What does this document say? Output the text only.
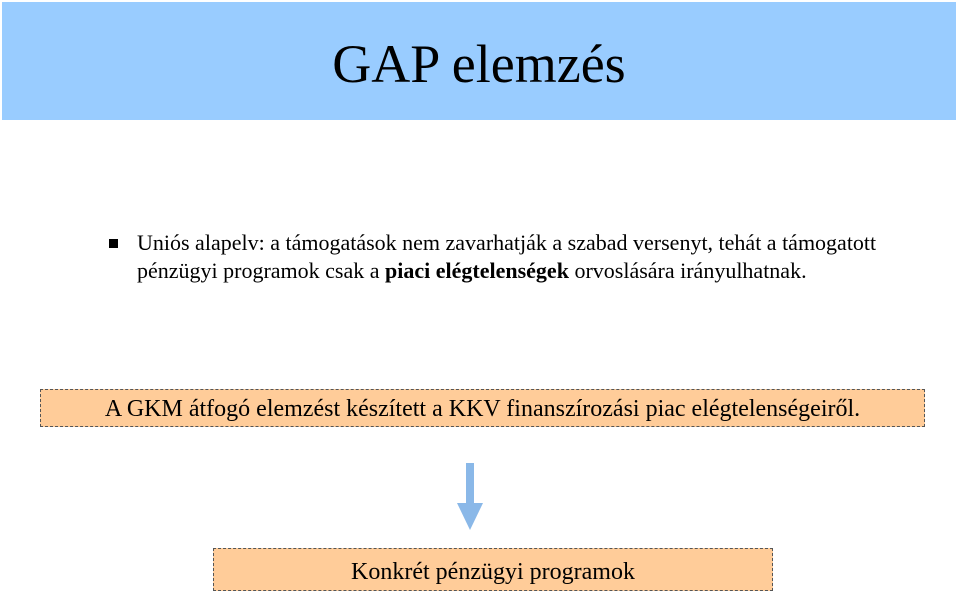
GAP elemzés
Uniós alapelv: a támogatások nem zavarhatják a szabad versenyt, tehát a támogatott pénzügyi programok csak a piaci elégtelenségek orvoslására irányulhatnak.
A GKM átfogó elemzést készített a KKV finanszírozási piac elégtelenségeiről.
Konkrét pénzügyi programok
